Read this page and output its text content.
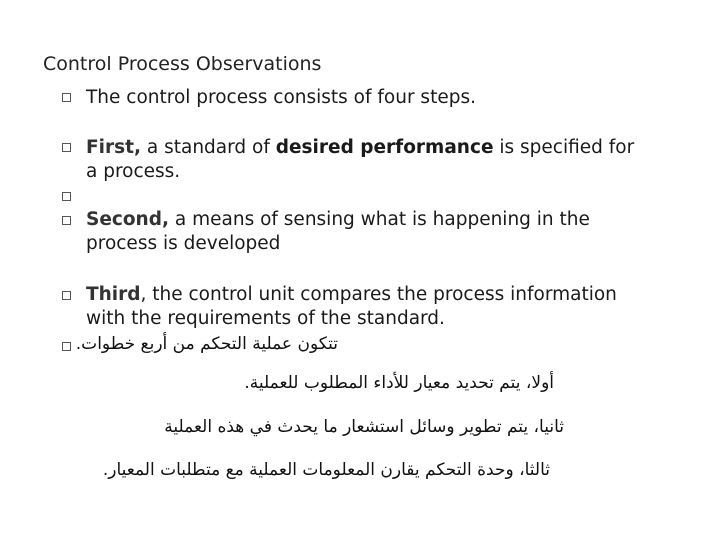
Control Process Observations
The control process consists of four steps.
First, a standard of desired performance is specified for a process.
Second, a means of sensing what is happening in the process is developed
Third, the control unit compares the process information with the requirements of the standard.
تتكون عملية التحكم من أربع خطوات.
أولا، يتم تحديد معيار للأداء المطلوب للعملية.
ثانيا، يتم تطوير وسائل استشعار ما يحدث في هذه العملية
ثالثا، وحدة التحكم يقارن المعلومات العملية مع متطلبات المعيار.
